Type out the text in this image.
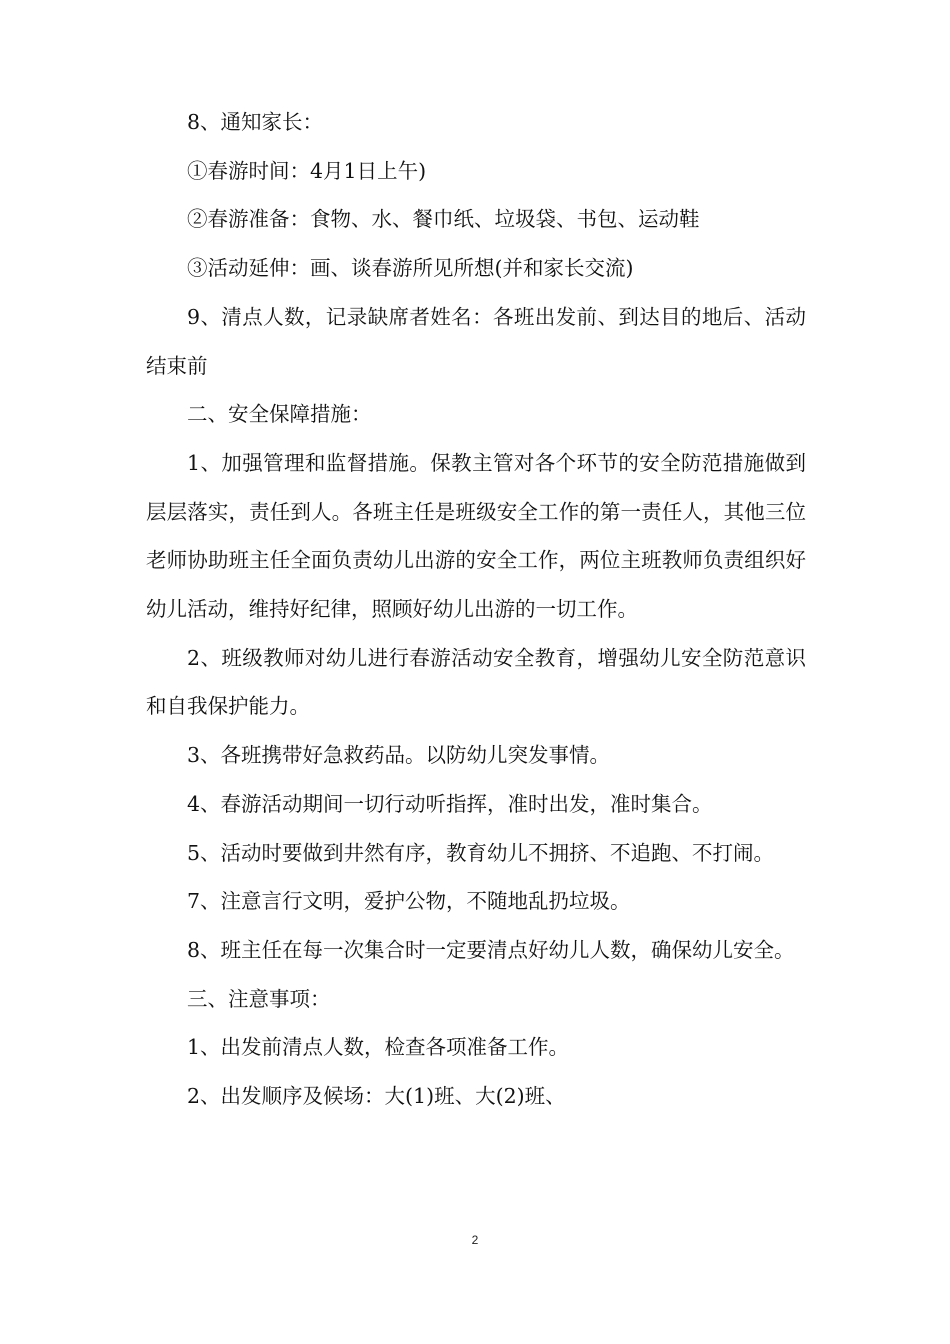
8、通知家长：

①春游时间：4月1日上午)

②春游准备：食物、水、餐巾纸、垃圾袋、书包、运动鞋

③活动延伸：画、谈春游所见所想(并和家长交流)

9、清点人数，记录缺席者姓名：各班出发前、到达目的地后、活动结束前

二、安全保障措施：

1、加强管理和监督措施。保教主管对各个环节的安全防范措施做到层层落实，责任到人。各班主任是班级安全工作的第一责任人，其他三位老师协助班主任全面负责幼儿出游的安全工作，两位主班教师负责组织好幼儿活动，维持好纪律，照顾好幼儿出游的一切工作。

2、班级教师对幼儿进行春游活动安全教育，增强幼儿安全防范意识和自我保护能力。

3、各班携带好急救药品。以防幼儿突发事情。

4、春游活动期间一切行动听指挥，准时出发，准时集合。

5、活动时要做到井然有序，教育幼儿不拥挤、不追跑、不打闹。

7、注意言行文明，爱护公物，不随地乱扔垃圾。

8、班主任在每一次集合时一定要清点好幼儿人数，确保幼儿安全。

三、注意事项：

1、出发前清点人数，检查各项准备工作。

2、出发顺序及候场：大(1)班、大(2)班、

2
